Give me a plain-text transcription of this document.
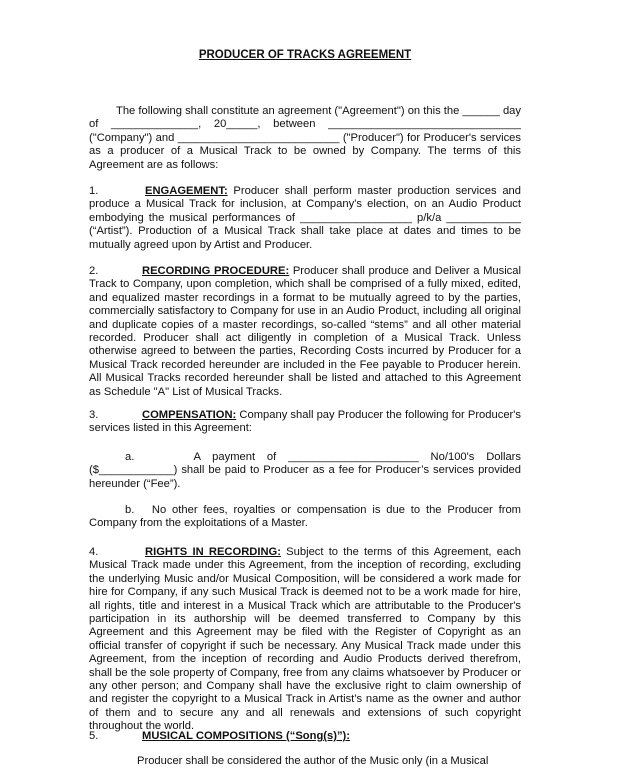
PRODUCER OF TRACKS AGREEMENT
The following shall constitute an agreement ("Agreement") on this the ______ day of ______________, 20_____, between _______________________________ ("Company") and __________________________ ("Producer") for Producer's services as a producer of a Musical Track to be owned by Company. The terms of this Agreement are as follows:
1.	ENGAGEMENT: Producer shall perform master production services and produce a Musical Track for inclusion, at Company's election, on an Audio Product embodying the musical performances of __________________ p/k/a ____________ (“Artist”). Production of a Musical Track shall take place at dates and times to be mutually agreed upon by Artist and Producer.
2.	RECORDING PROCEDURE: Producer shall produce and Deliver a Musical Track to Company, upon completion, which shall be comprised of a fully mixed, edited, and equalized master recordings in a format to be mutually agreed to by the parties, commercially satisfactory to Company for use in an Audio Product, including all original and duplicate copies of a master recordings, so-called “stems” and all other material recorded. Producer shall act diligently in completion of a Musical Track. Unless otherwise agreed to between the parties, Recording Costs incurred by Producer for a Musical Track recorded hereunder are included in the Fee payable to Producer herein. All Musical Tracks recorded hereunder shall be listed and attached to this Agreement as Schedule "A" List of Musical Tracks.
3.	COMPENSATION: Company shall pay Producer the following for Producer's services listed in this Agreement:
a.	A payment of _____________________ No/100's Dollars ($____________) shall be paid to Producer as a fee for Producer’s services provided hereunder (“Fee”).
b. No other fees, royalties or compensation is due to the Producer from Company from the exploitations of a Master.
4.	RIGHTS IN RECORDING: Subject to the terms of this Agreement, each Musical Track made under this Agreement, from the inception of recording, excluding the underlying Music and/or Musical Composition, will be considered a work made for hire for Company, if any such Musical Track is deemed not to be a work made for hire, all rights, title and interest in a Musical Track which are attributable to the Producer's participation in its authorship will be deemed transferred to Company by this Agreement and this Agreement may be filed with the Register of Copyright as an official transfer of copyright if such be necessary. Any Musical Track made under this Agreement, from the inception of recording and Audio Products derived therefrom, shall be the sole property of Company, free from any claims whatsoever by Producer or any other person; and Company shall have the exclusive right to claim ownership of and register the copyright to a Musical Track in Artist’s name as the owner and author of them and to secure any and all renewals and extensions of such copyright throughout the world.
5.	MUSICAL COMPOSITIONS (“Song(s)”):
Producer shall be considered the author of the Music only (in a Musical
